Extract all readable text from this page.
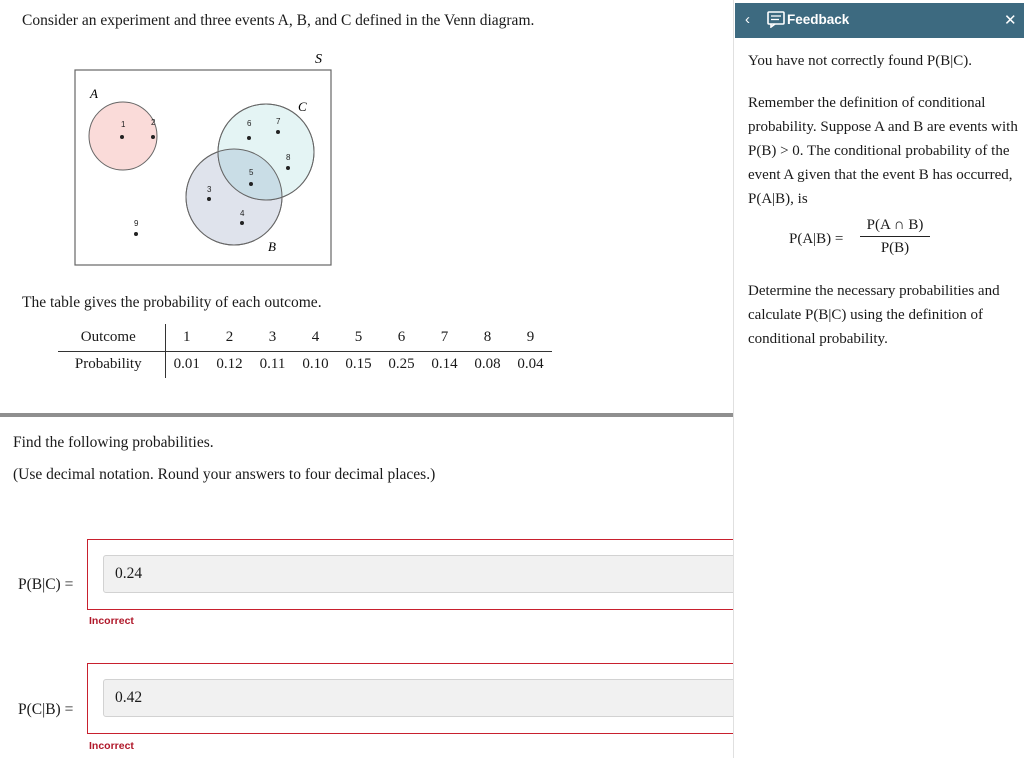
Consider an experiment and three events A, B, and C defined in the Venn diagram.
S
A
C
B
1	2
3
4
5
6	7
8
9
The table gives the probability of each outcome.
Outcome	1	2	3	4	5	6	7	8	9
Probability	0.01	0.12	0.11	0.10	0.15	0.25	0.14	0.08	0.04
Find the following probabilities.
(Use decimal notation. Round your answers to four decimal places.)
P(B|C) =
0.24
Incorrect
P(C|B) =
0.42
Incorrect
‹	Feedback	✕

You have not correctly found P(B|C).

Remember the definition of conditional probability. Suppose A and B are events with P(B) > 0. The conditional probability of the event A given that the event B has occurred, P(A|B), is

$P(A|B) = \frac{P(A \cap B)}{P(B)}$

Determine the necessary probabilities and calculate P(B|C) using the definition of conditional probability.
